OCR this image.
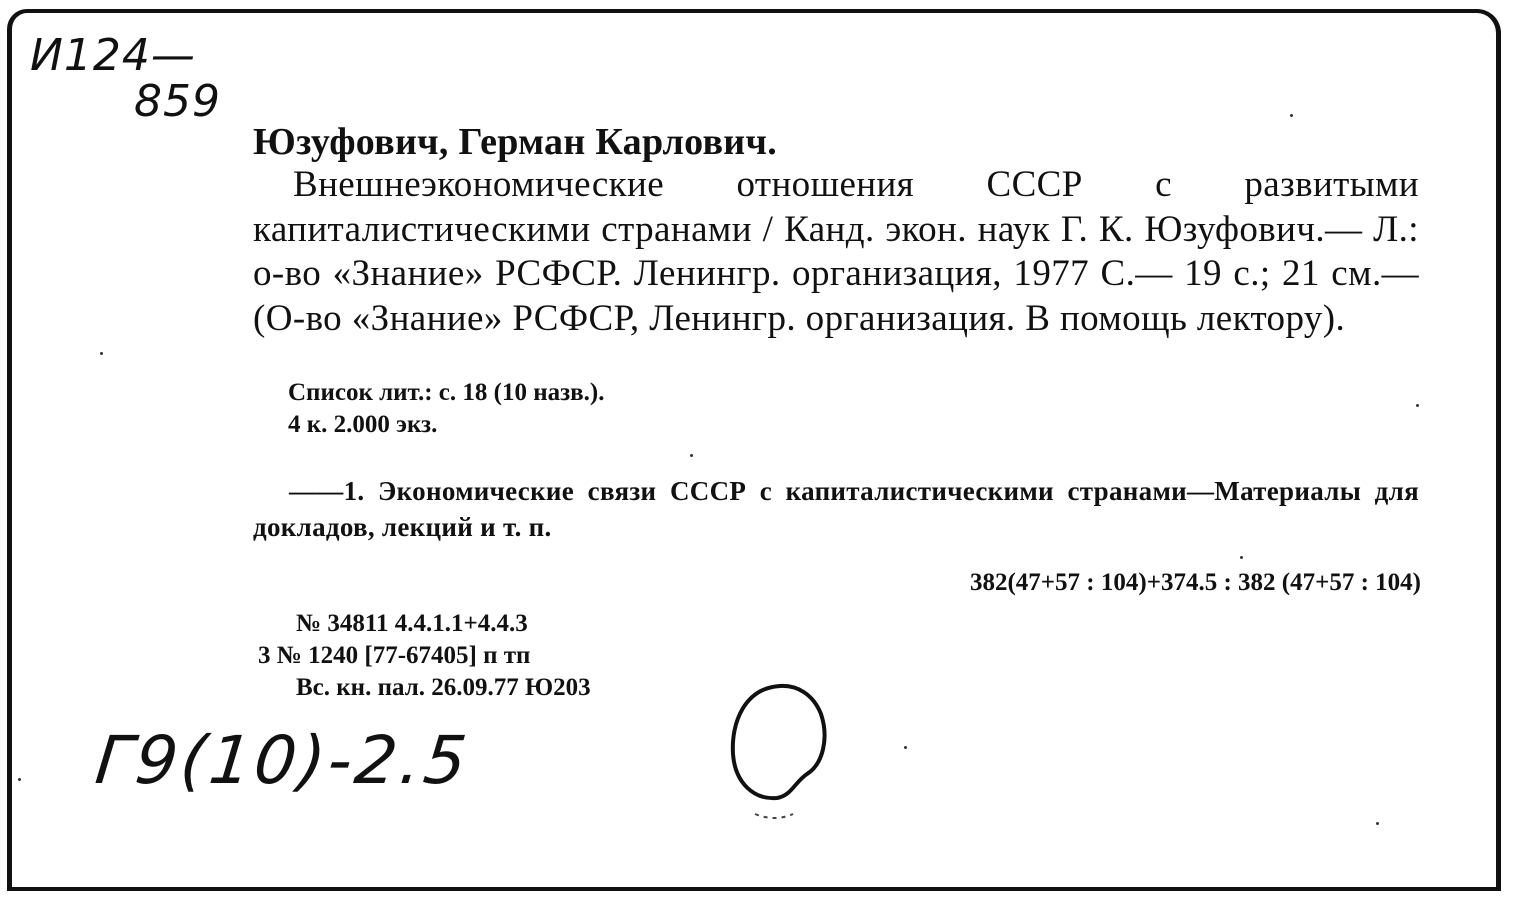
И124—
859
Юзуфович, Герман Карлович.
Внешнеэкономические отношения СССР с развитыми капиталистическими странами / Канд. экон. наук Г. К. Юзуфович.— Л.: о-во «Знание» РСФСР. Ленингр. организация, 1977 С.— 19 с.; 21 см.—(О-во «Знание» РСФСР, Ленингр. организация. В помощь лектору).
Список лит.: с. 18 (10 назв.).
4 к. 2.000 экз.
——1. Экономические связи СССР с капиталистическими странами—Материалы для докладов, лекций и т. п.
382(47+57 : 104)+374.5 : 382 (47+57 : 104)
№ 34811 4.4.1.1+4.4.3
3 № 1240 [77-67405] п тп
Вс. кн. пал. 26.09.77 Ю203
Г9(10)-2.5
